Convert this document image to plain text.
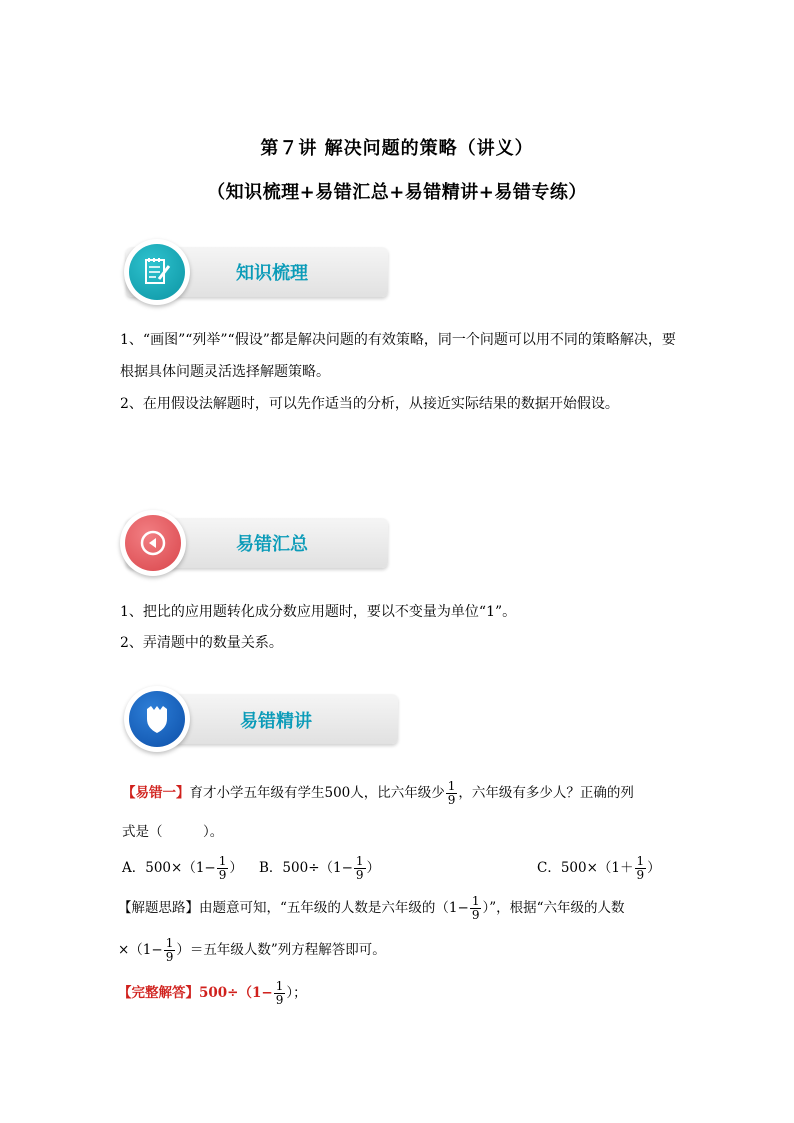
第７讲 解决问题的策略（讲义）
（知识梳理+易错汇总+易错精讲+易错专练）
知识梳理
1、“画图”“列举”“假设”都是解决问题的有效策略，同一个问题可以用不同的策略解决，要根据具体问题灵活选择解题策略。
2、在用假设法解题时，可以先作适当的分析，从接近实际结果的数据开始假设。
易错汇总
1、把比的应用题转化成分数应用题时，要以不变量为单位“1”。
2、弄清题中的数量关系。
易错精讲
【易错一】育才小学五年级有学生500人，比六年级少 $\frac{1}{9}$ ，六年级有多少人？正确的列
式是（　　　）。
A．$500\times(1- \frac{1}{9}$ ） B．$500\div(1- \frac{1}{9}$ ）	C．$500\times(1+ \frac{1}{9}$ ）
【解题思路】由题意可知，“五年级的人数是六年级的（$1- \frac{1}{9}$ ）”，根据“六年级的人数
$\times(1- \frac{1}{9}$ ）＝五年级人数”列方程解答即可。
【完整解答】$500\div(1- \frac{1}{9}$ ）；
